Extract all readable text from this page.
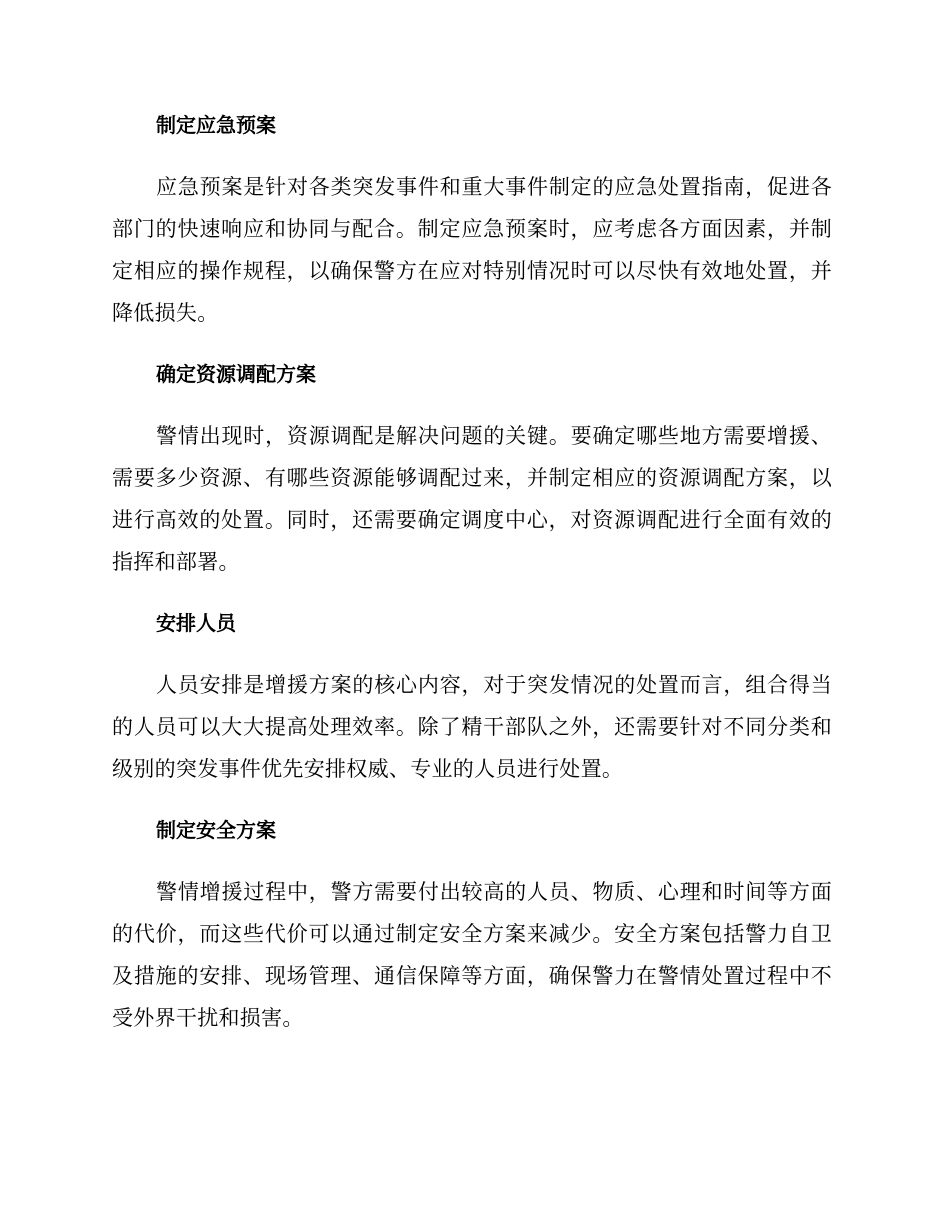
制定应急预案

应急预案是针对各类突发事件和重大事件制定的应急处置指南，促进各部门的快速响应和协同与配合。制定应急预案时，应考虑各方面因素，并制定相应的操作规程，以确保警方在应对特别情况时可以尽快有效地处置，并降低损失。

确定资源调配方案

警情出现时，资源调配是解决问题的关键。要确定哪些地方需要增援、需要多少资源、有哪些资源能够调配过来，并制定相应的资源调配方案，以进行高效的处置。同时，还需要确定调度中心，对资源调配进行全面有效的指挥和部署。

安排人员

人员安排是增援方案的核心内容，对于突发情况的处置而言，组合得当的人员可以大大提高处理效率。除了精干部队之外，还需要针对不同分类和级别的突发事件优先安排权威、专业的人员进行处置。

制定安全方案

警情增援过程中，警方需要付出较高的人员、物质、心理和时间等方面的代价，而这些代价可以通过制定安全方案来减少。安全方案包括警力自卫及措施的安排、现场管理、通信保障等方面，确保警力在警情处置过程中不受外界干扰和损害。
